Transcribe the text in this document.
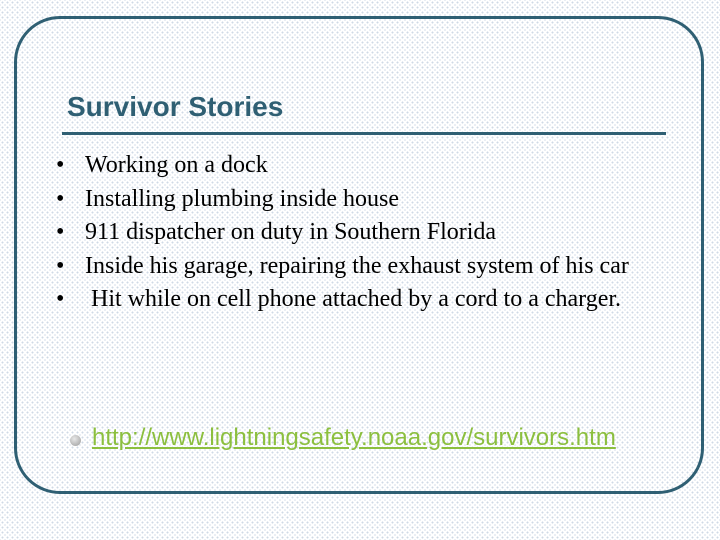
Survivor Stories
• Working on a dock
• Installing plumbing inside house
• 911 dispatcher on duty in Southern Florida
• Inside his garage, repairing the exhaust system of his car
• Hit while on cell phone attached by a cord to a charger.
http://www.lightningsafety.noaa.gov/survivors.htm
